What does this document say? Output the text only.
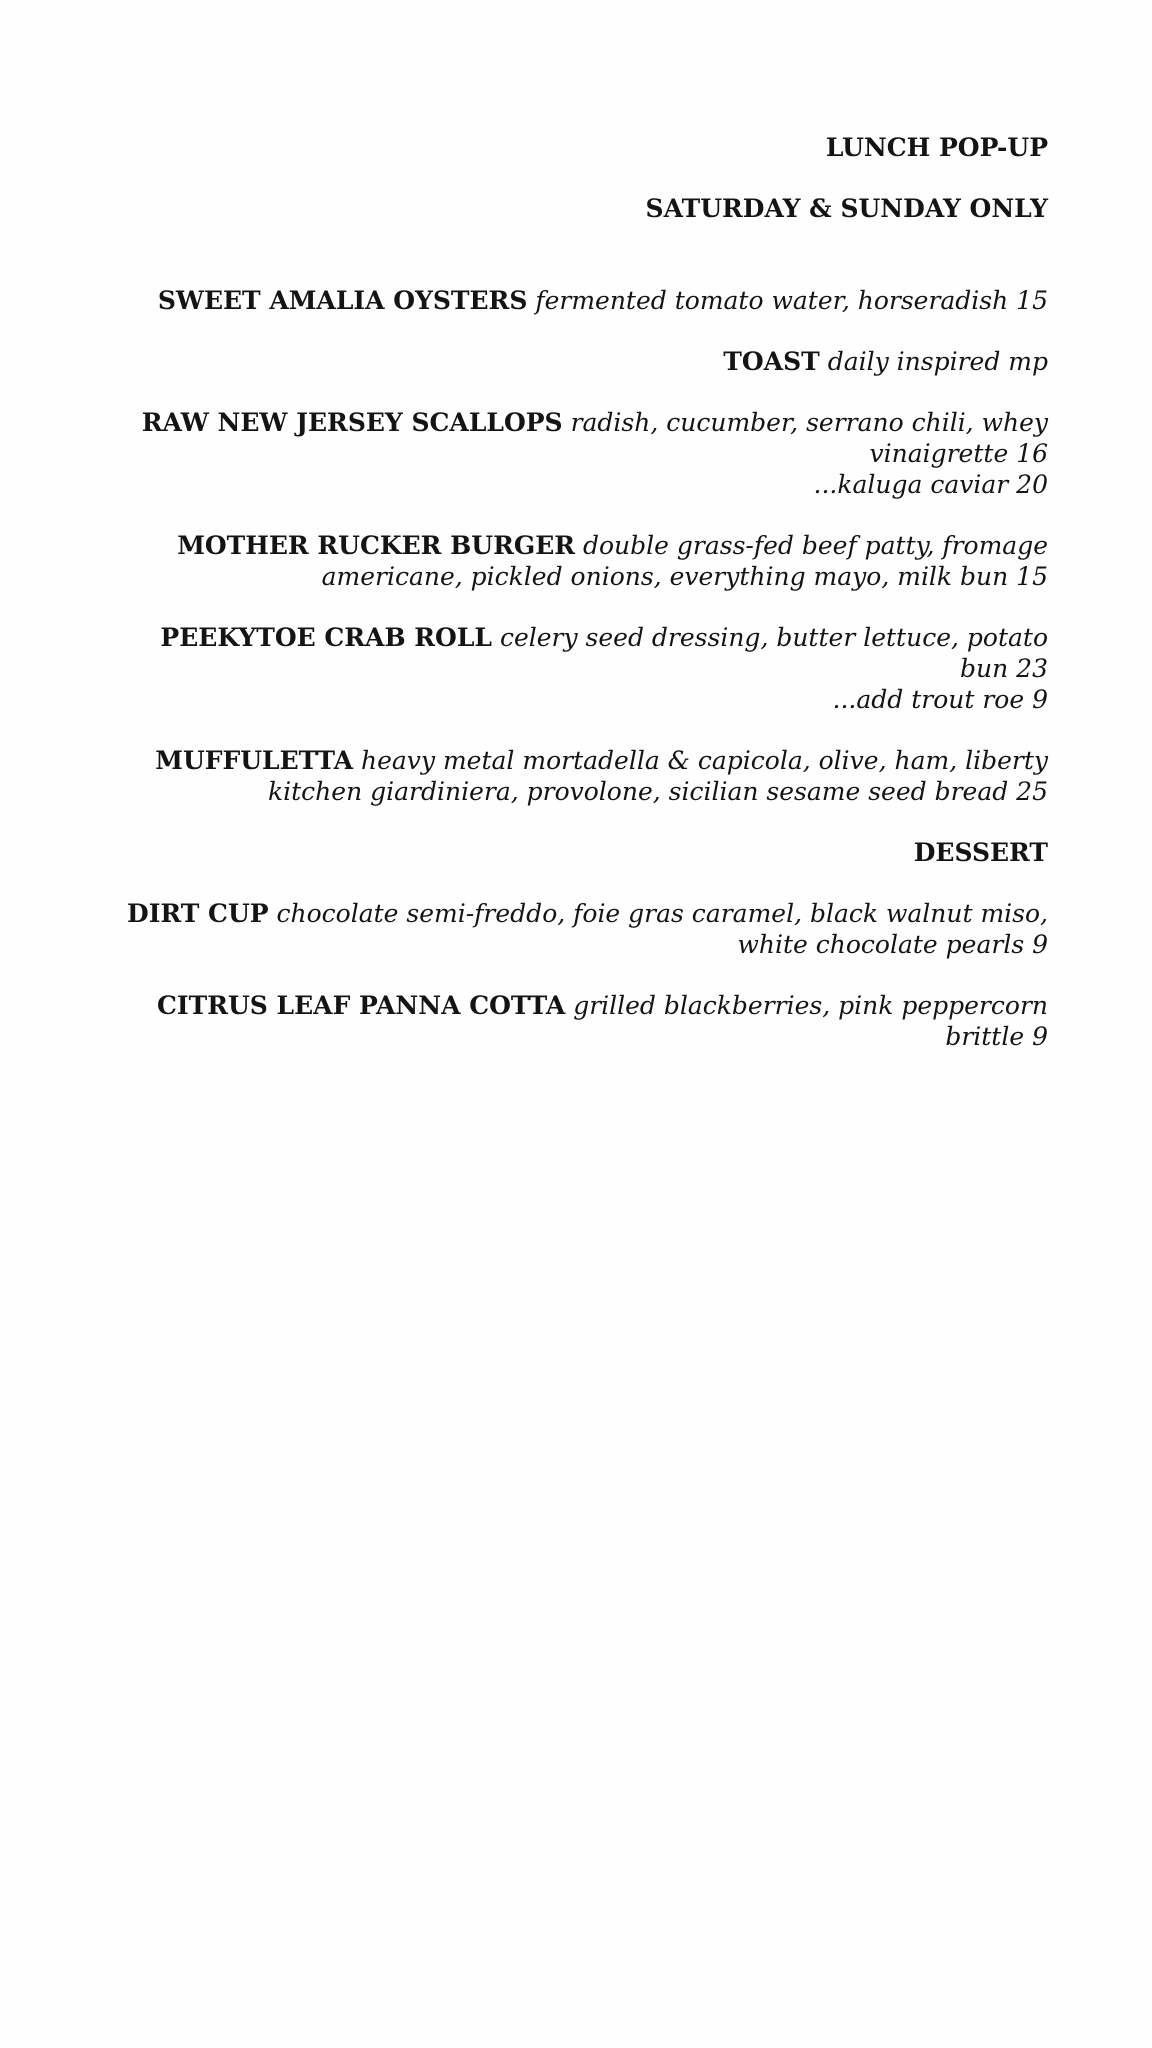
LUNCH POP-UP
SATURDAY & SUNDAY ONLY
SWEET AMALIA OYSTERS fermented tomato water, horseradish 15
TOAST daily inspired mp
RAW NEW JERSEY SCALLOPS radish, cucumber, serrano chili, whey vinaigrette 16
...kaluga caviar 20
MOTHER RUCKER BURGER double grass-fed beef patty, fromage americane, pickled onions, everything mayo, milk bun 15
PEEKYTOE CRAB ROLL celery seed dressing, butter lettuce, potato bun 23
...add trout roe 9
MUFFULETTA heavy metal mortadella & capicola, olive, ham, liberty kitchen giardiniera, provolone, sicilian sesame seed bread 25
DESSERT
DIRT CUP chocolate semi-freddo, foie gras caramel, black walnut miso, white chocolate pearls 9
CITRUS LEAF PANNA COTTA grilled blackberries, pink peppercorn brittle 9
